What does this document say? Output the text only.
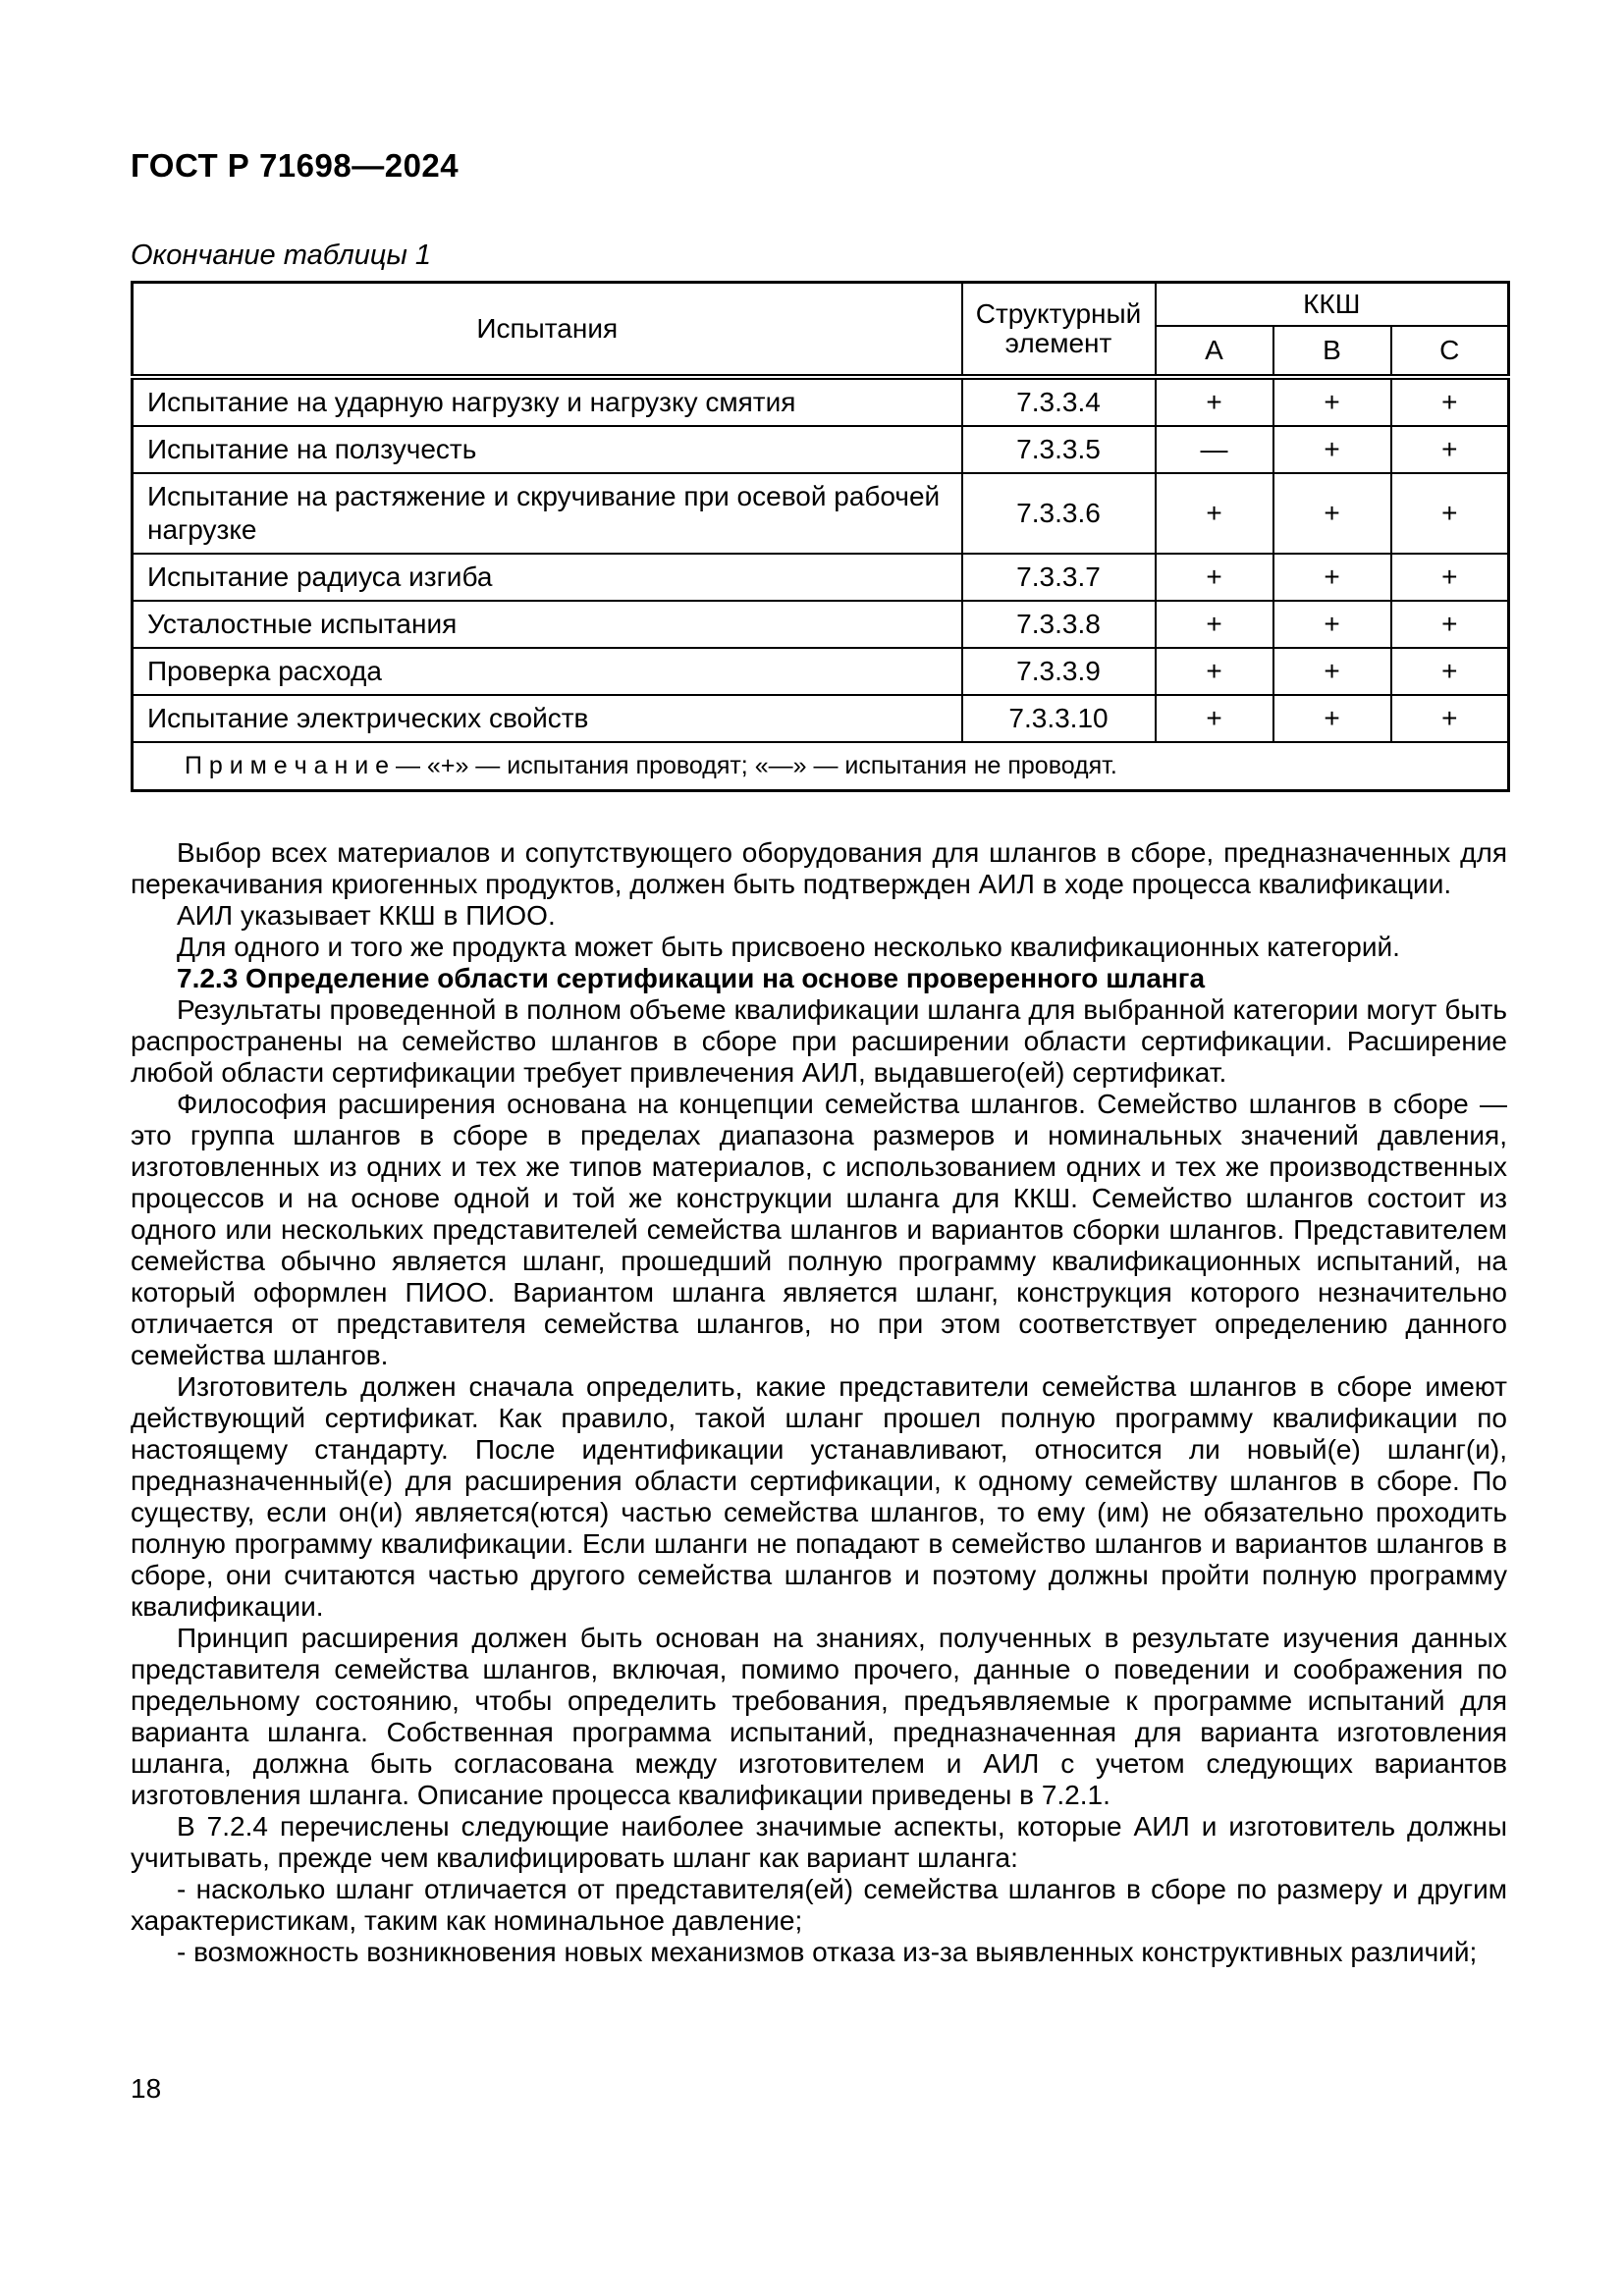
ГОСТ Р 71698—2024
Окончание таблицы 1
Испытания	Структурный элемент	ККШ		
		A	B	C
Испытание на ударную нагрузку и нагрузку смятия	7.3.3.4	+	+	+
Испытание на ползучесть	7.3.3.5	—	+	+
Испытание на растяжение и скручивание при осевой рабочей нагрузке	7.3.3.6	+	+	+
Испытание радиуса изгиба	7.3.3.7	+	+	+
Усталостные испытания	7.3.3.8	+	+	+
Проверка расхода	7.3.3.9	+	+	+
Испытание электрических свойств	7.3.3.10	+	+	+
П р и м е ч а н и е — «+» — испытания проводят; «—» — испытания не проводят.				

Выбор всех материалов и сопутствующего оборудования для шлангов в сборе, предназначенных для перекачивания криогенных продуктов, должен быть подтвержден АИЛ в ходе процесса квалификации.

АИЛ указывает ККШ в ПИОО.

Для одного и того же продукта может быть присвоено несколько квалификационных категорий.

7.2.3 Определение области сертификации на основе проверенного шланга

Результаты проведенной в полном объеме квалификации шланга для выбранной категории могут быть распространены на семейство шлангов в сборе при расширении области сертификации. Расширение любой области сертификации требует привлечения АИЛ, выдавшего(ей) сертификат.

Философия расширения основана на концепции семейства шлангов. Семейство шлангов в сборе — это группа шлангов в сборе в пределах диапазона размеров и номинальных значений давления, изготовленных из одних и тех же типов материалов, с использованием одних и тех же производственных процессов и на основе одной и той же конструкции шланга для ККШ. Семейство шлангов состоит из одного или нескольких представителей семейства шлангов и вариантов сборки шлангов. Представителем семейства обычно является шланг, прошедший полную программу квалификационных испытаний, на который оформлен ПИОО. Вариантом шланга является шланг, конструкция которого незначительно отличается от представителя семейства шлангов, но при этом соответствует определению данного семейства шлангов.

Изготовитель должен сначала определить, какие представители семейства шлангов в сборе имеют действующий сертификат. Как правило, такой шланг прошел полную программу квалификации по настоящему стандарту. После идентификации устанавливают, относится ли новый(е) шланг(и), предназначенный(е) для расширения области сертификации, к одному семейству шлангов в сборе. По существу, если он(и) является(ются) частью семейства шлангов, то ему (им) не обязательно проходить полную программу квалификации. Если шланги не попадают в семейство шлангов и вариантов шлангов в сборе, они считаются частью другого семейства шлангов и поэтому должны пройти полную программу квалификации.

Принцип расширения должен быть основан на знаниях, полученных в результате изучения данных представителя семейства шлангов, включая, помимо прочего, данные о поведении и соображения по предельному состоянию, чтобы определить требования, предъявляемые к программе испытаний для варианта шланга. Собственная программа испытаний, предназначенная для варианта изготовления шланга, должна быть согласована между изготовителем и АИЛ с учетом следующих вариантов изготовления шланга. Описание процесса квалификации приведены в 7.2.1.

В 7.2.4 перечислены следующие наиболее значимые аспекты, которые АИЛ и изготовитель должны учитывать, прежде чем квалифицировать шланг как вариант шланга:

- насколько шланг отличается от представителя(ей) семейства шлангов в сборе по размеру и другим характеристикам, таким как номинальное давление;

- возможность возникновения новых механизмов отказа из-за выявленных конструктивных различий;

18
